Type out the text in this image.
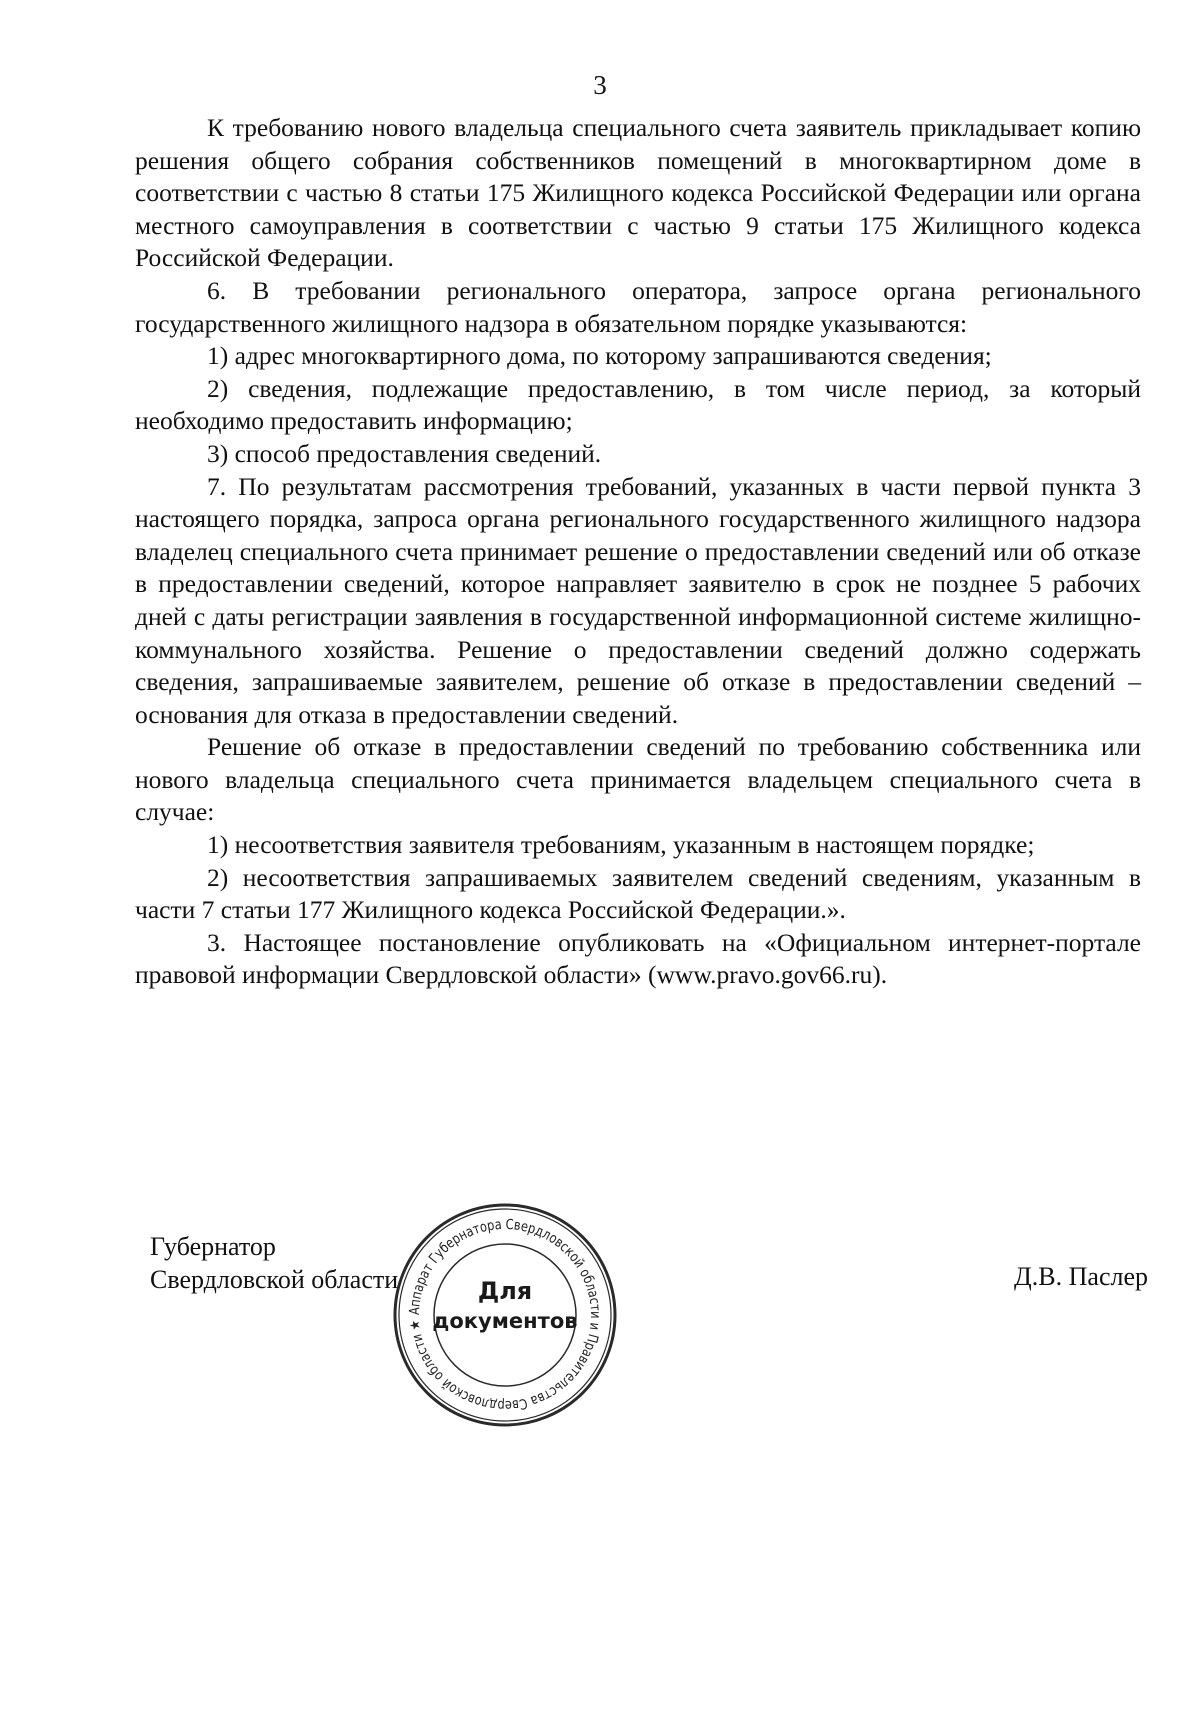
3

К требованию нового владельца специального счета заявитель прикладывает копию решения общего собрания собственников помещений в многоквартирном доме в соответствии с частью 8 статьи 175 Жилищного кодекса Российской Федерации или органа местного самоуправления в соответствии с частью 9 статьи 175 Жилищного кодекса Российской Федерации.

6. В требовании регионального оператора, запросе органа регионального государственного жилищного надзора в обязательном порядке указываются:

1) адрес многоквартирного дома, по которому запрашиваются сведения;

2) сведения, подлежащие предоставлению, в том числе период, за который необходимо предоставить информацию;

3) способ предоставления сведений.

7. По результатам рассмотрения требований, указанных в части первой пункта 3 настоящего порядка, запроса органа регионального государственного жилищного надзора владелец специального счета принимает решение о предоставлении сведений или об отказе в предоставлении сведений, которое направляет заявителю в срок не позднее 5 рабочих дней с даты регистрации заявления в государственной информационной системе жилищно-коммунального хозяйства. Решение о предоставлении сведений должно содержать сведения, запрашиваемые заявителем, решение об отказе в предоставлении сведений – основания для отказа в предоставлении сведений.

Решение об отказе в предоставлении сведений по требованию собственника или нового владельца специального счета принимается владельцем специального счета в случае:

1) несоответствия заявителя требованиям, указанным в настоящем порядке;

2) несоответствия запрашиваемых заявителем сведений сведениям, указанным в части 7 статьи 177 Жилищного кодекса Российской Федерации.».

3. Настоящее постановление опубликовать на «Официальном интернет-портале правовой информации Свердловской области» (www.pravo.gov66.ru).

Губернатор
Свердловской области
Аппарат Губернатора Свердловской области и Правительства Свердловской области ★
Для
документов
Д.В. Паслер
